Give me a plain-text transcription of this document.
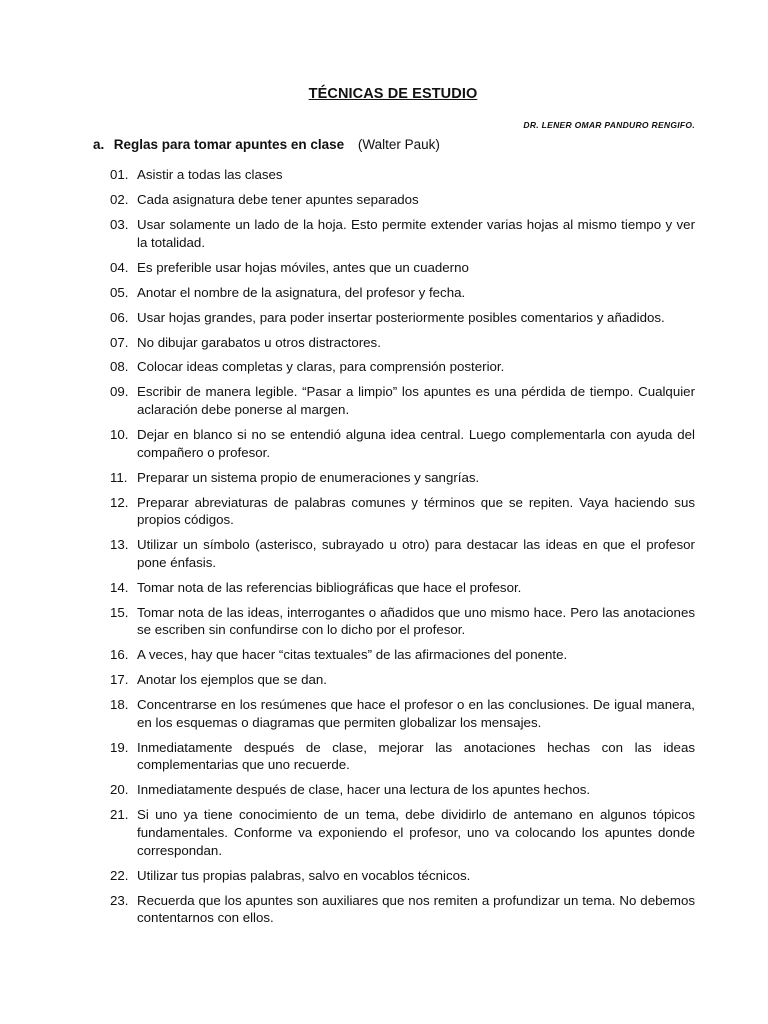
TÉCNICAS DE ESTUDIO
DR. LENER OMAR PANDURO RENGIFO.
a. Reglas para tomar apuntes en clase (Walter Pauk)
01. Asistir a todas las clases
02. Cada asignatura debe tener apuntes separados
03. Usar solamente un lado de la hoja. Esto permite extender varias hojas al mismo tiempo y ver la totalidad.
04. Es preferible usar hojas móviles, antes que un cuaderno
05. Anotar el nombre de la asignatura, del profesor y fecha.
06. Usar hojas grandes, para poder insertar posteriormente posibles comentarios y añadidos.
07. No dibujar garabatos u otros distractores.
08. Colocar ideas completas y claras, para comprensión posterior.
09. Escribir de manera legible. “Pasar a limpio” los apuntes es una pérdida de tiempo. Cualquier aclaración debe ponerse al margen.
10. Dejar en blanco si no se entendió alguna idea central. Luego complementarla con ayuda del compañero o profesor.
11. Preparar un sistema propio de enumeraciones y sangrías.
12. Preparar abreviaturas de palabras comunes y términos que se repiten. Vaya haciendo sus propios códigos.
13. Utilizar un símbolo (asterisco, subrayado u otro) para destacar las ideas en que el profesor pone énfasis.
14. Tomar nota de las referencias bibliográficas que hace el profesor.
15. Tomar nota de las ideas, interrogantes o añadidos que uno mismo hace. Pero las anotaciones se escriben sin confundirse con lo dicho por el profesor.
16. A veces, hay que hacer “citas textuales” de las afirmaciones del ponente.
17. Anotar los ejemplos que se dan.
18. Concentrarse en los resúmenes que hace el profesor o en las conclusiones. De igual manera, en los esquemas o diagramas que permiten globalizar los mensajes.
19. Inmediatamente después de clase, mejorar las anotaciones hechas con las ideas complementarias que uno recuerde.
20. Inmediatamente después de clase, hacer una lectura de los apuntes hechos.
21. Si uno ya tiene conocimiento de un tema, debe dividirlo de antemano en algunos tópicos fundamentales. Conforme va exponiendo el profesor, uno va colocando los apuntes donde correspondan.
22. Utilizar tus propias palabras, salvo en vocablos técnicos.
23. Recuerda que los apuntes son auxiliares que nos remiten a profundizar un tema. No debemos contentarnos con ellos.
